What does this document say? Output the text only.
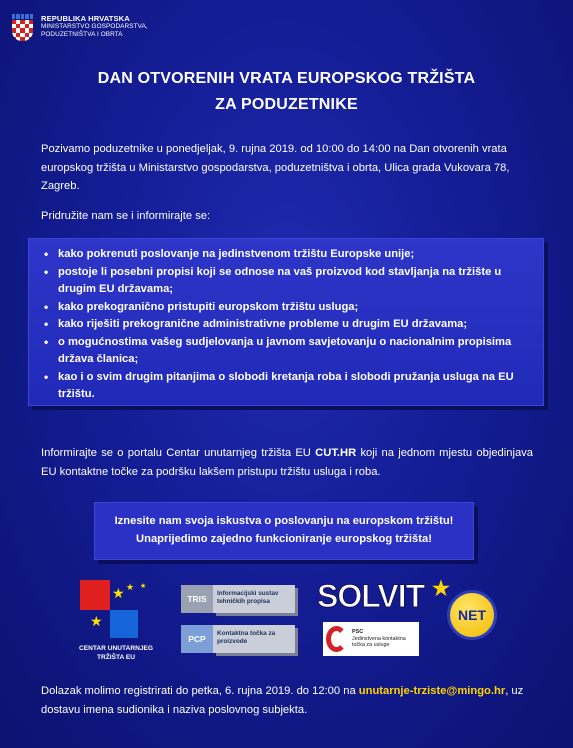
REPUBLIKA HRVATSKA
MINISTARSTVO GOSPODARSTVA,
PODUZETNIŠTVA I OBRTA
DAN OTVORENIH VRATA EUROPSKOG TRŽIŠTA
ZA PODUZETNIKE

Pozivamo poduzetnike u ponedjeljak, 9. rujna 2019. od 10:00 do 14:00 na Dan otvorenih vrata europskog tržišta u Ministarstvo gospodarstva, poduzetništva i obrta, Ulica grada Vukovara 78, Zagreb.

Pridružite nam se i informirajte se:

• kako pokrenuti poslovanje na jedinstvenom tržištu Europske unije;
• postoje li posebni propisi koji se odnose na vaš proizvod kod stavljanja na tržište u drugim EU državama;
• kako prekogranično pristupiti europskom tržištu usluga;
• kako riješiti prekogranične administrativne probleme u drugim EU državama;
• o mogućnostima vašeg sudjelovanja u javnom savjetovanju o nacionalnim propisima država članica;
• kao i o svim drugim pitanjima o slobodi kretanja roba i slobodi pružanja usluga na EU tržištu.

Informirajte se o portalu Centar unutarnjeg tržišta EU CUT.HR koji na jednom mjestu objedinjava EU kontaktne točke za podršku lakšem pristupu tržištu usluga i roba.

Iznesite nam svoja iskustva o poslovanju na europskom tržištu!
Unaprijedimo zajedno funkcioniranje europskog tržišta!
★ ★ ★
★
CENTAR UNUTARNJEG TRŽIŠTA EU
TRIS
Informacijski sustav tehničkih propisa
PCP
Kontaktna točka za proizvode
SOLVIT ★
PSC
Jedinstvena kontaktna točka za usluge
NET

Dolazak molimo registrirati do petka, 6. rujna 2019. do 12:00 na unutarnje-trziste@mingo.hr, uz dostavu imena sudionika i naziva poslovnog subjekta.
